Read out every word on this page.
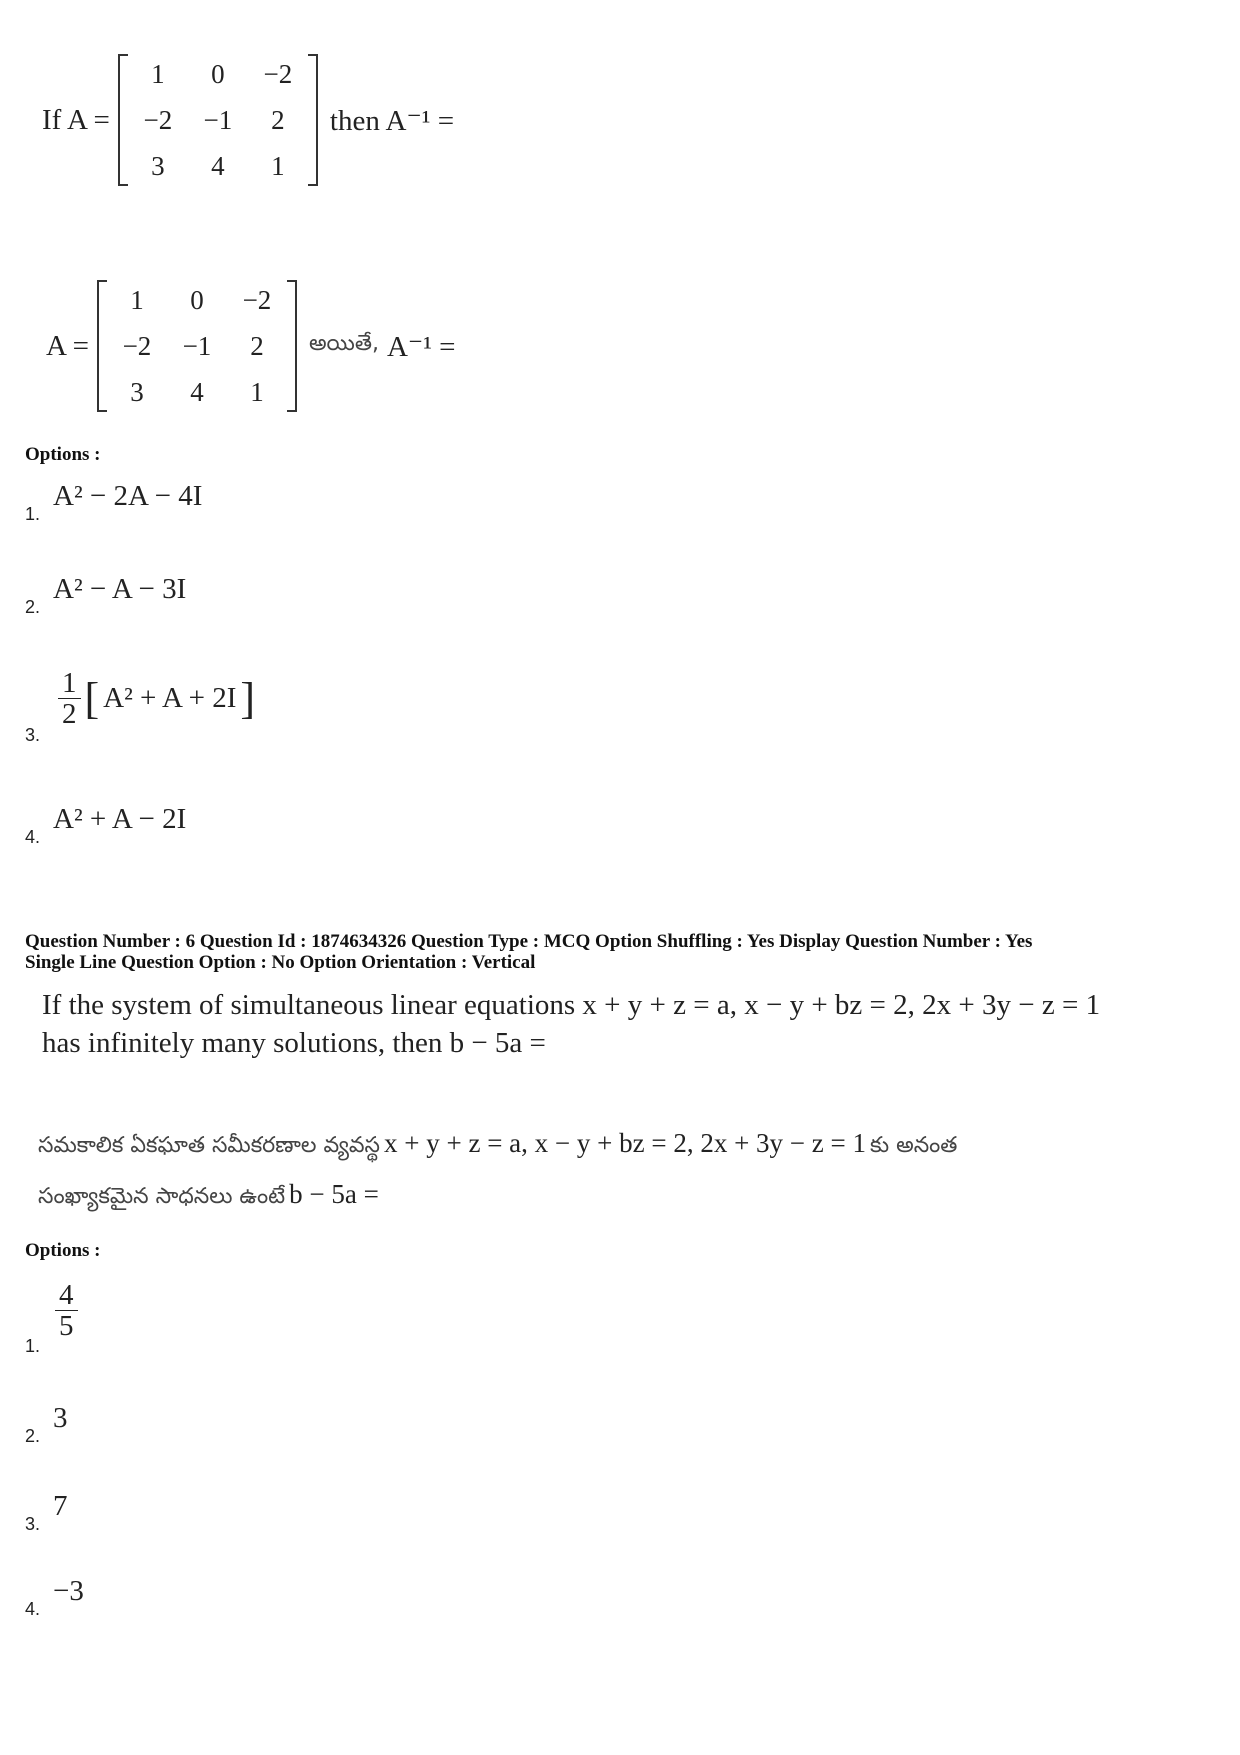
If A =
1	0	−2
−2	−1	2
3	4	1
then A⁻¹ =
A =
1	0	−2
−2	−1	2
3	4	1
అయితే, A⁻¹ =
Options :
1.
A² − 2A − 4I
2.
A² − A − 3I
3.
$\frac{1}{2}$ [ A² + A + 2I ]
4.
A² + A − 2I
Question Number : 6 Question Id : 1874634326 Question Type : MCQ Option Shuffling : Yes Display Question Number : Yes
Single Line Question Option : No Option Orientation : Vertical
If the system of simultaneous linear equations x + y + z = a, x − y + bz = 2, 2x + 3y − z = 1
has infinitely many solutions, then b − 5a =
సమకాలిక ఏకఘాత సమీకరణాల వ్యవస్థ x + y + z = a, x − y + bz = 2, 2x + 3y − z = 1 కు అనంత
సంఖ్యాకమైన సాధనలు ఉంటే b − 5a =
Options :
1.
$\frac{4}{5}$
2.
3
3.
7
4.
−3
